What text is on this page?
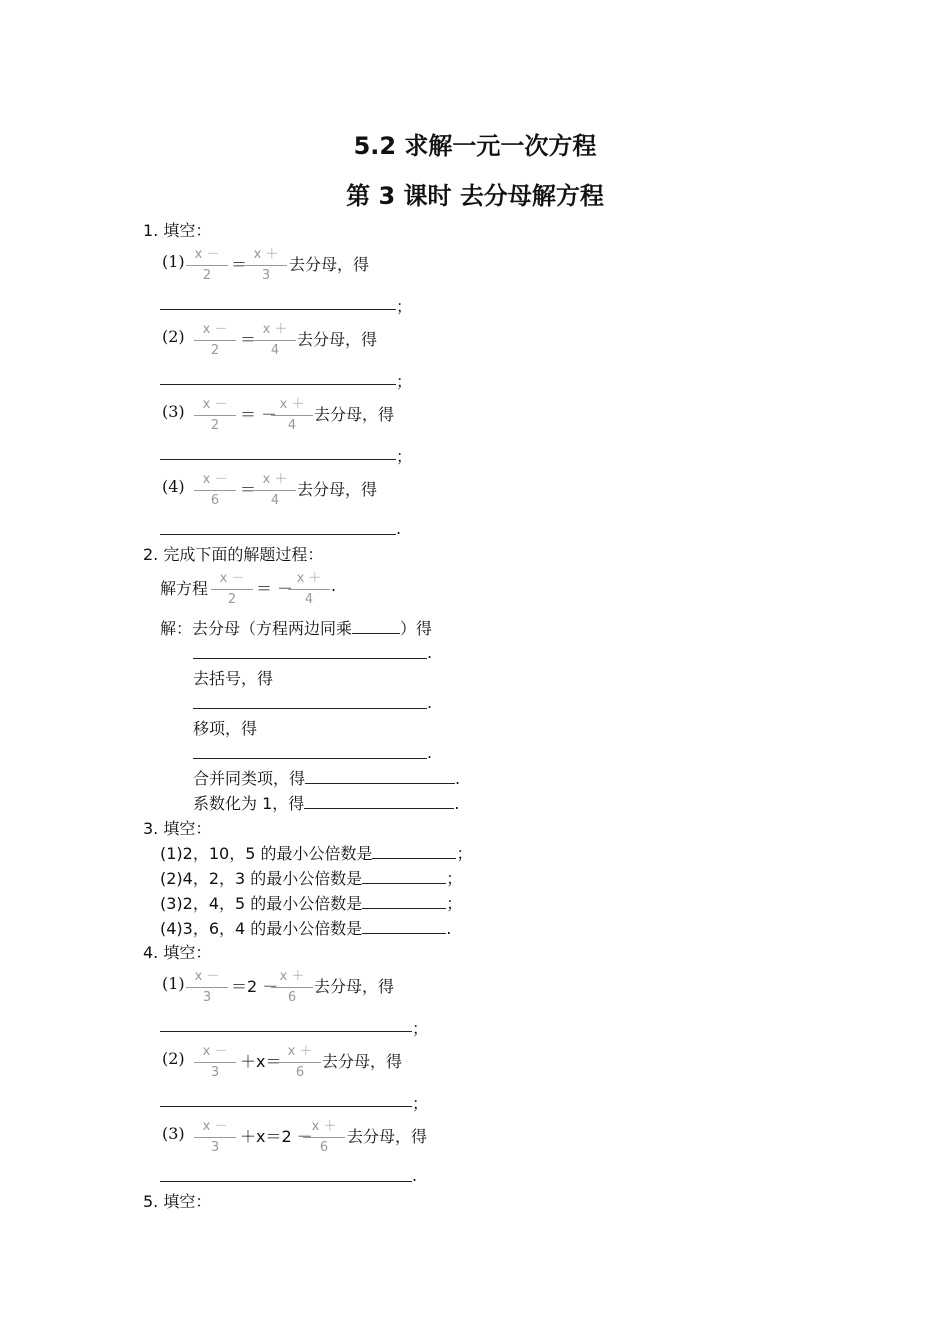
5.2 求解一元一次方程
第 3 课时 去分母解方程
1. 填空：
(1) x －
2
＝
x ＋
3
去分母，得
；
(2)	x －
2
＝
x ＋
4
去分母，得
；
(3)	x －
2
＝ －
x ＋
4
去分母，得
；
(4)	x －
6
＝
x ＋
4
去分母，得
.
2. 完成下面的解题过程：
解方程
x －
2
＝ －
x ＋
4
.
解：去分母（方程两边同乘	）得
.
去括号，得
.
移项，得
.
合并同类项，得	.
系数化为 1，得	.
3. 填空：
(1)2，10，5 的最小公倍数是	；
(2)4，2，3 的最小公倍数是	；
(3)2，4，5 的最小公倍数是	；
(4)3，6，4 的最小公倍数是	.
4. 填空：
(1) x －
3
＝2 －
x ＋
6
去分母，得
；
(2)	x －
3
＋x＝
x ＋
6
去分母，得
；
(3)	x －
3
＋x＝2 －
x ＋
6
去分母，得
.
5. 填空：
